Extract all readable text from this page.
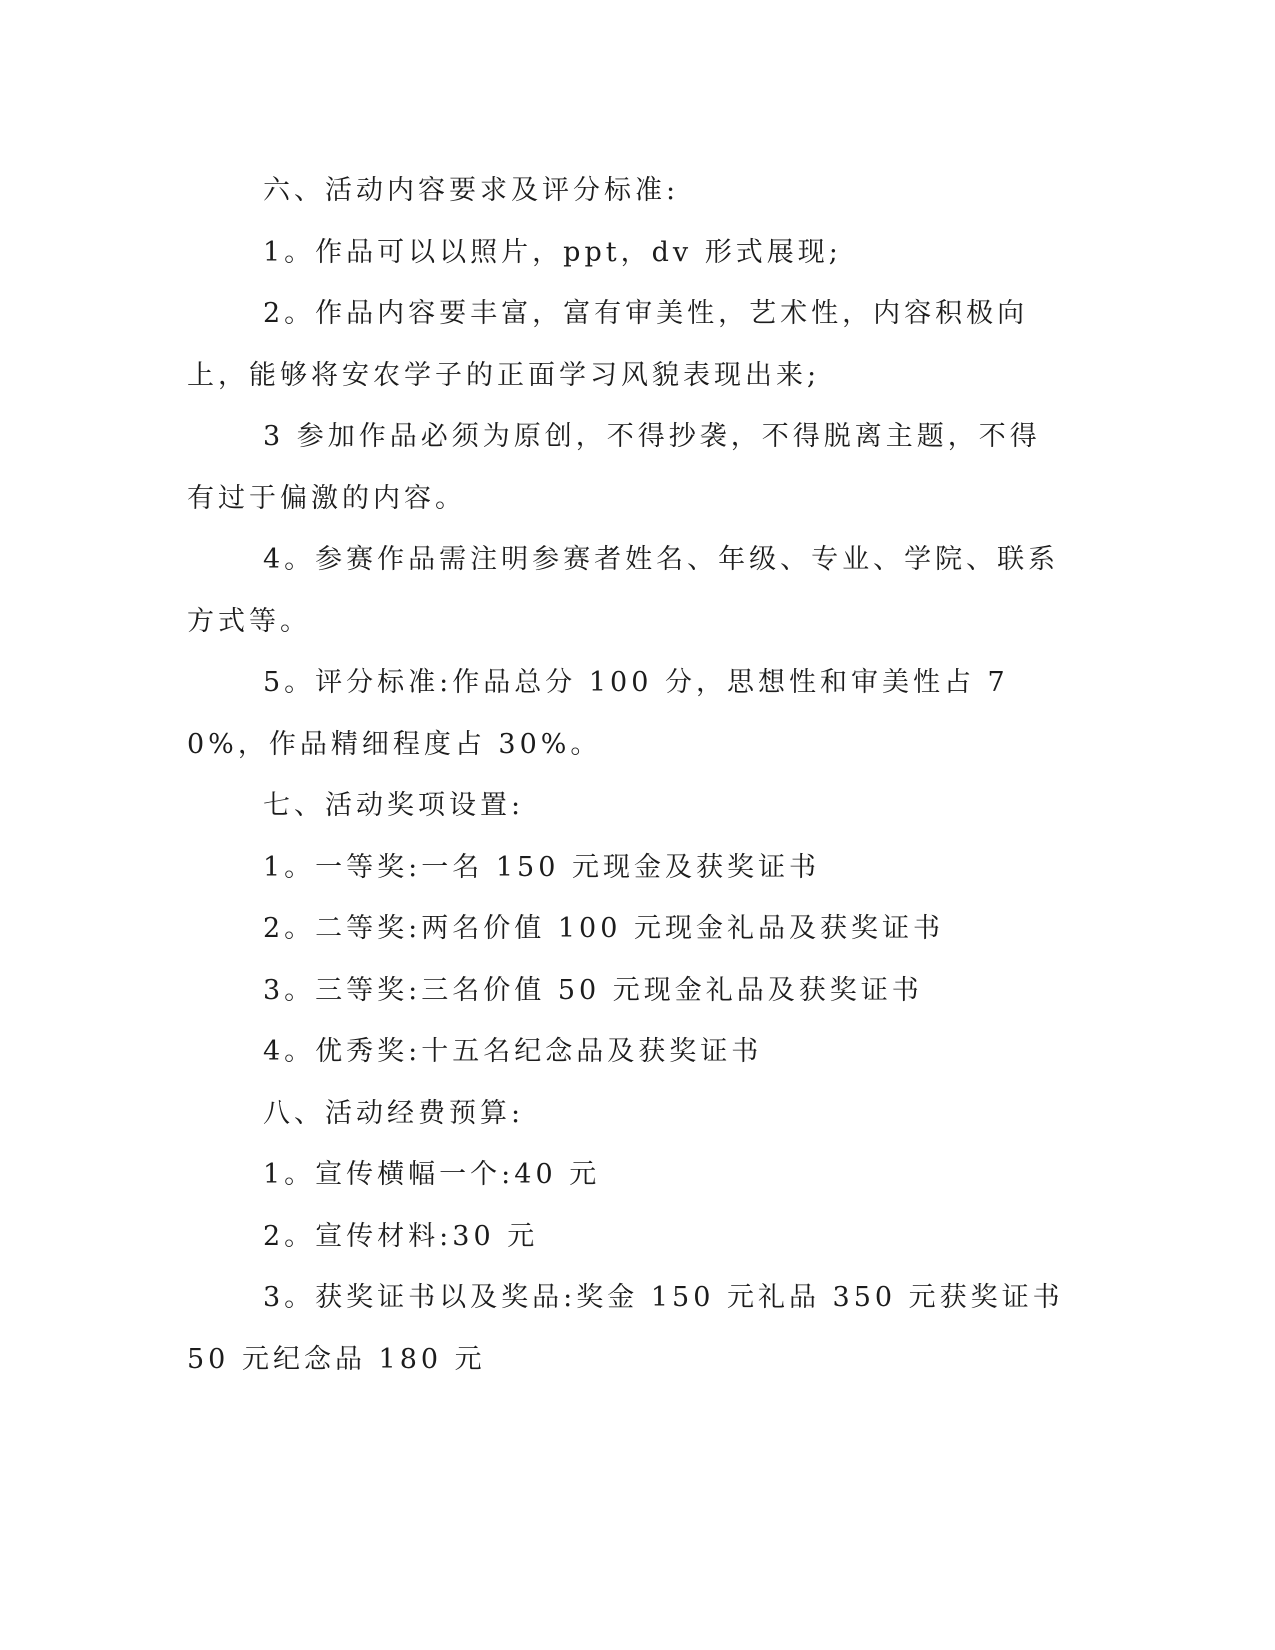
六、活动内容要求及评分标准:

1。作品可以以照片，ppt，dv 形式展现;

2。作品内容要丰富，富有审美性，艺术性，内容积极向上，能够将安农学子的正面学习风貌表现出来;

3 参加作品必须为原创，不得抄袭，不得脱离主题，不得有过于偏激的内容。

4。参赛作品需注明参赛者姓名、年级、专业、学院、联系方式等。

5。评分标准:作品总分 100 分，思想性和审美性占 70%，作品精细程度占 30%。

七、活动奖项设置:

1。一等奖:一名 150 元现金及获奖证书

2。二等奖:两名价值 100 元现金礼品及获奖证书

3。三等奖:三名价值 50 元现金礼品及获奖证书

4。优秀奖:十五名纪念品及获奖证书

八、活动经费预算:

1。宣传横幅一个:40 元

2。宣传材料:30 元

3。获奖证书以及奖品:奖金 150 元礼品 350 元获奖证书 50 元纪念品 180 元
